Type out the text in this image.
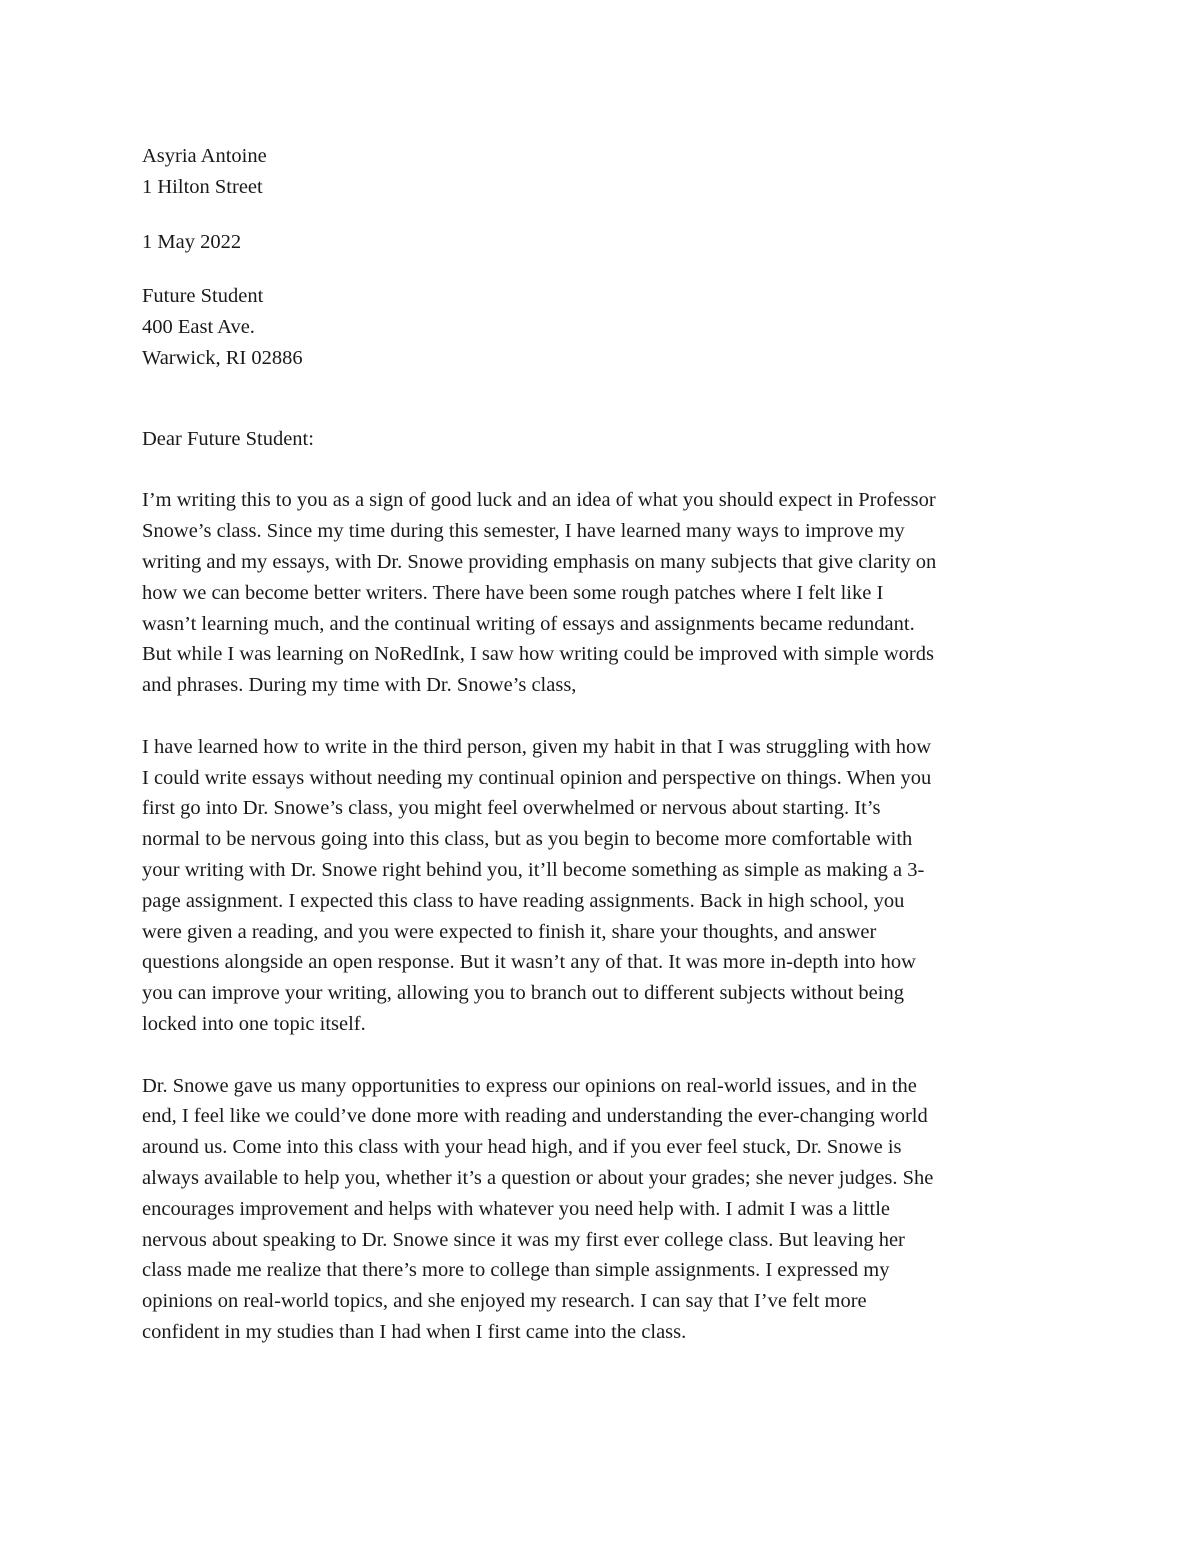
Asyria Antoine
1 Hilton Street
1 May 2022
Future Student
400 East Ave.
Warwick, RI 02886
Dear Future Student:
I’m writing this to you as a sign of good luck and an idea of what you should expect in Professor
Snowe’s class. Since my time during this semester, I have learned many ways to improve my
writing and my essays, with Dr. Snowe providing emphasis on many subjects that give clarity on
how we can become better writers. There have been some rough patches where I felt like I
wasn’t learning much, and the continual writing of essays and assignments became redundant.
But while I was learning on NoRedInk, I saw how writing could be improved with simple words
and phrases. During my time with Dr. Snowe’s class,
I have learned how to write in the third person, given my habit in that I was struggling with how
I could write essays without needing my continual opinion and perspective on things. When you
first go into Dr. Snowe’s class, you might feel overwhelmed or nervous about starting. It’s
normal to be nervous going into this class, but as you begin to become more comfortable with
your writing with Dr. Snowe right behind you, it’ll become something as simple as making a 3-
page assignment. I expected this class to have reading assignments. Back in high school, you
were given a reading, and you were expected to finish it, share your thoughts, and answer
questions alongside an open response. But it wasn’t any of that. It was more in-depth into how
you can improve your writing, allowing you to branch out to different subjects without being
locked into one topic itself.
Dr. Snowe gave us many opportunities to express our opinions on real-world issues, and in the
end, I feel like we could’ve done more with reading and understanding the ever-changing world
around us. Come into this class with your head high, and if you ever feel stuck, Dr. Snowe is
always available to help you, whether it’s a question or about your grades; she never judges. She
encourages improvement and helps with whatever you need help with. I admit I was a little
nervous about speaking to Dr. Snowe since it was my first ever college class. But leaving her
class made me realize that there’s more to college than simple assignments. I expressed my
opinions on real-world topics, and she enjoyed my research. I can say that I’ve felt more
confident in my studies than I had when I first came into the class.
